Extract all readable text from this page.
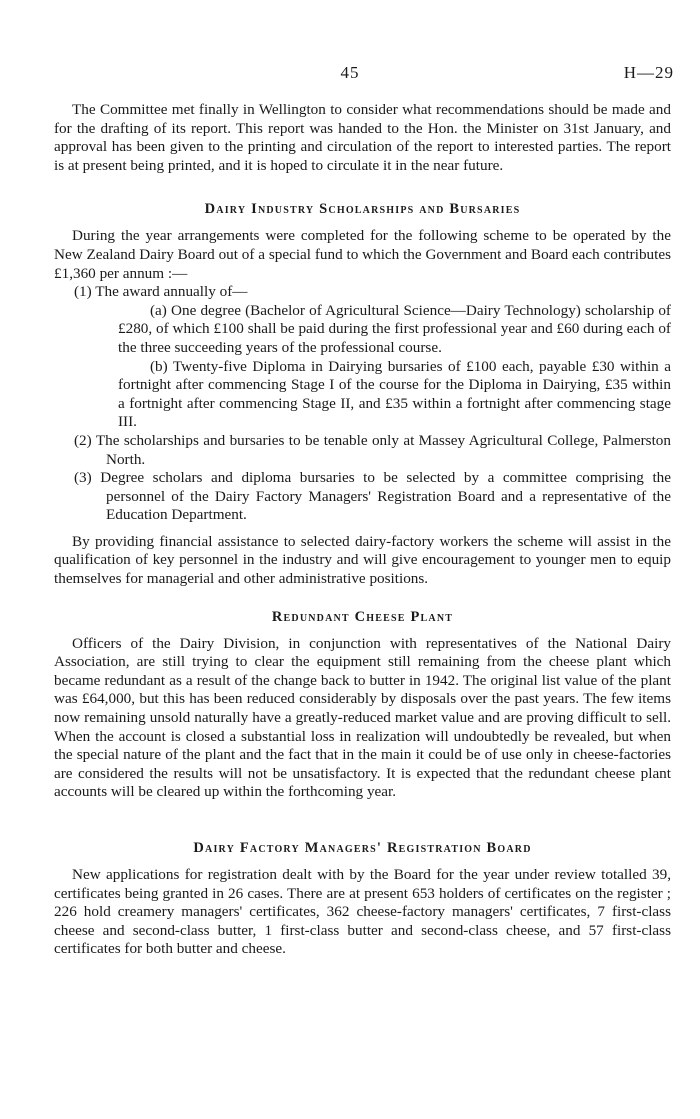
45	H—29

The Committee met finally in Wellington to consider what recommendations should be made and for the drafting of its report. This report was handed to the Hon. the Minister on 31st January, and approval has been given to the printing and circulation of the report to interested parties. The report is at present being printed, and it is hoped to circulate it in the near future.

Dairy Industry Scholarships and Bursaries

During the year arrangements were completed for the following scheme to be operated by the New Zealand Dairy Board out of a special fund to which the Government and Board each contributes £1,360 per annum :—

(1) The award annually of—

(a) One degree (Bachelor of Agricultural Science—Dairy Technology) scholarship of £280, of which £100 shall be paid during the first professional year and £60 during each of the three succeeding years of the professional course.

(b) Twenty-five Diploma in Dairying bursaries of £100 each, payable £30 within a fortnight after commencing Stage I of the course for the Diploma in Dairying, £35 within a fortnight after commencing Stage II, and £35 within a fortnight after commencing stage III.

(2) The scholarships and bursaries to be tenable only at Massey Agricultural College, Palmerston North.

(3) Degree scholars and diploma bursaries to be selected by a committee comprising the personnel of the Dairy Factory Managers' Registration Board and a representative of the Education Department.

By providing financial assistance to selected dairy-factory workers the scheme will assist in the qualification of key personnel in the industry and will give encouragement to younger men to equip themselves for managerial and other administrative positions.

Redundant Cheese Plant

Officers of the Dairy Division, in conjunction with representatives of the National Dairy Association, are still trying to clear the equipment still remaining from the cheese plant which became redundant as a result of the change back to butter in 1942. The original list value of the plant was £64,000, but this has been reduced considerably by disposals over the past years. The few items now remaining unsold naturally have a greatly-reduced market value and are proving difficult to sell. When the account is closed a substantial loss in realization will undoubtedly be revealed, but when the special nature of the plant and the fact that in the main it could be of use only in cheese-factories are considered the results will not be unsatisfactory. It is expected that the redundant cheese plant accounts will be cleared up within the forthcoming year.

Dairy Factory Managers' Registration Board

New applications for registration dealt with by the Board for the year under review totalled 39, certificates being granted in 26 cases. There are at present 653 holders of certificates on the register ; 226 hold creamery managers' certificates, 362 cheese-factory managers' certificates, 7 first-class cheese and second-class butter, 1 first-class butter and second-class cheese, and 57 first-class certificates for both butter and cheese.
